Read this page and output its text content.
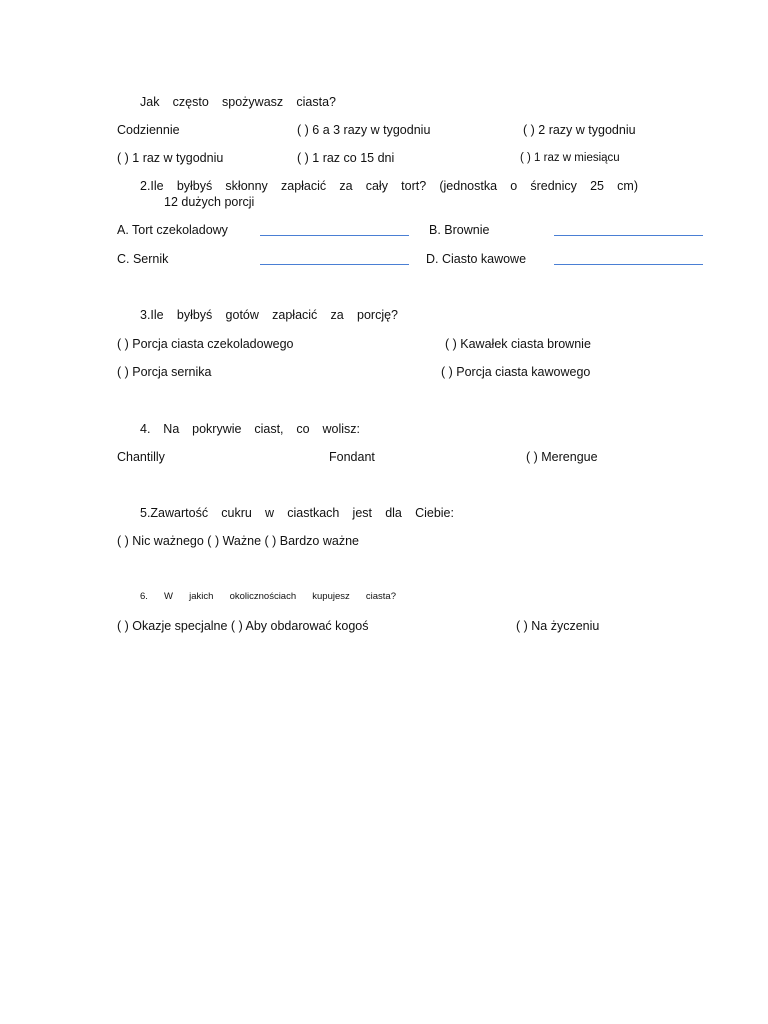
Jak często spożywasz ciasta?
Codziennie	( ) 6 a 3 razy w tygodniu	( ) 2 razy w tygodniu
( ) 1 raz w tygodniu	( ) 1 raz co 15 dni	( ) 1 raz w miesiącu
2.Ile byłbyś skłonny zapłacić za cały tort? (jednostka o średnicy 25 cm)
12 dużych porcji
A. Tort czekoladowy	B. Brownie
C. Sernik	D. Ciasto kawowe
3.Ile byłbyś gotów zapłacić za porcję?
( ) Porcja ciasta czekoladowego	( ) Kawałek ciasta brownie
( ) Porcja sernika	( ) Porcja ciasta kawowego
4. Na pokrywie ciast, co wolisz:
Chantilly	Fondant	( ) Merengue
5.Zawartość cukru w ciastkach jest dla Ciebie:
( ) Nic ważnego ( ) Ważne ( ) Bardzo ważne
6. W jakich okolicznościach kupujesz ciasta?
( ) Okazje specjalne ( ) Aby obdarować kogoś	( ) Na życzeniu
